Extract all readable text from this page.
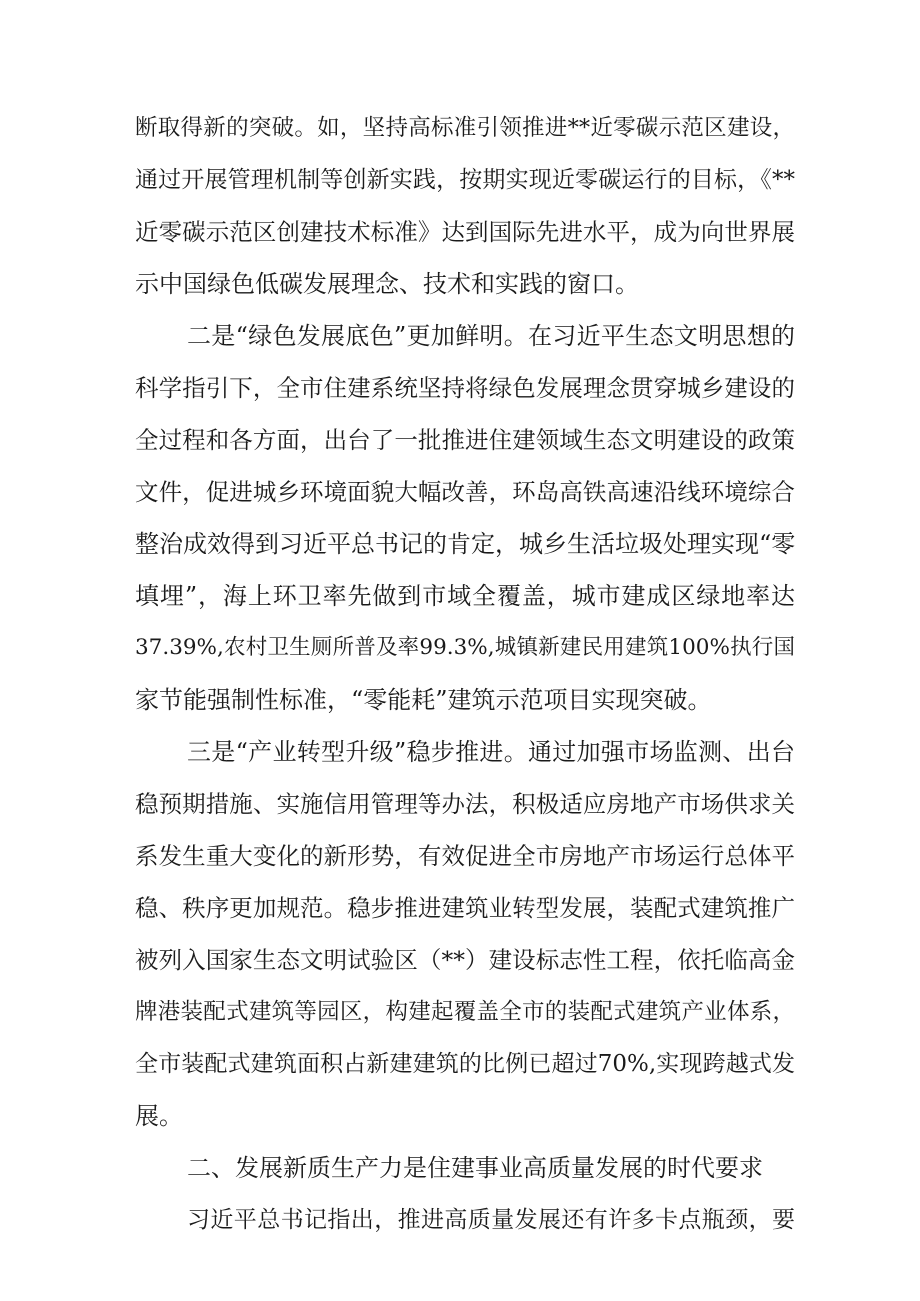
断取得新的突破。如，坚持高标准引领推进**近零碳示范区建设，
通过开展管理机制等创新实践，按期实现近零碳运行的目标，《**
近零碳示范区创建技术标准》达到国际先进水平，成为向世界展
示中国绿色低碳发展理念、技术和实践的窗口。
二是“绿色发展底色”更加鲜明。在习近平生态文明思想的
科学指引下，全市住建系统坚持将绿色发展理念贯穿城乡建设的
全过程和各方面，出台了一批推进住建领域生态文明建设的政策
文件，促进城乡环境面貌大幅改善，环岛高铁高速沿线环境综合
整治成效得到习近平总书记的肯定，城乡生活垃圾处理实现“零
填埋”，海上环卫率先做到市域全覆盖，城市建成区绿地率达
37.39%,农村卫生厕所普及率99.3%,城镇新建民用建筑100%执行国
家节能强制性标准，“零能耗”建筑示范项目实现突破。
三是“产业转型升级”稳步推进。通过加强市场监测、出台
稳预期措施、实施信用管理等办法，积极适应房地产市场供求关
系发生重大变化的新形势，有效促进全市房地产市场运行总体平
稳、秩序更加规范。稳步推进建筑业转型发展，装配式建筑推广
被列入国家生态文明试验区（**）建设标志性工程，依托临高金
牌港装配式建筑等园区，构建起覆盖全市的装配式建筑产业体系，
全市装配式建筑面积占新建建筑的比例已超过70%,实现跨越式发
展。
二、发展新质生产力是住建事业高质量发展的时代要求
习近平总书记指出，推进高质量发展还有许多卡点瓶颈，要
